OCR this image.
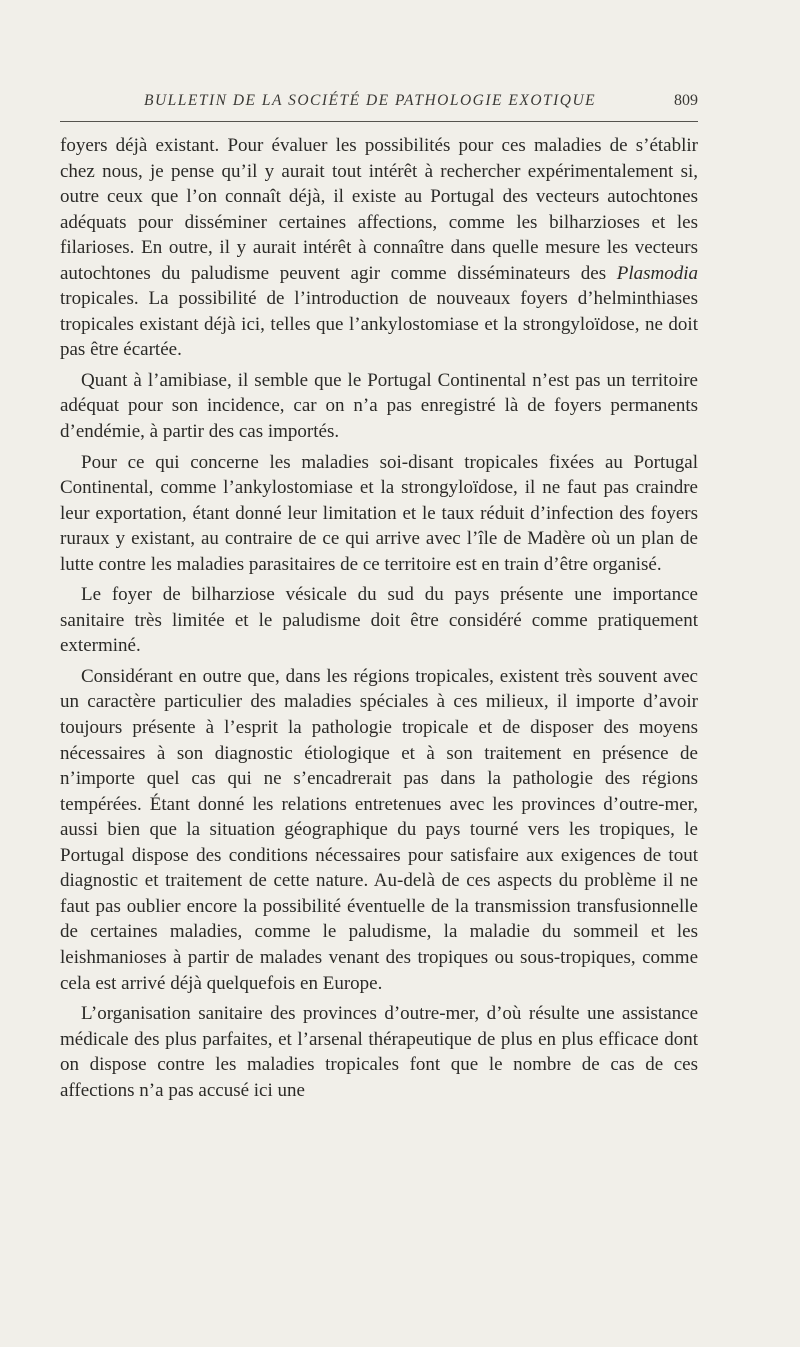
BULLETIN DE LA SOCIÉTÉ DE PATHOLOGIE EXOTIQUE	809

foyers déjà existant. Pour évaluer les possibilités pour ces maladies de s’établir chez nous, je pense qu’il y aurait tout intérêt à rechercher expérimentalement si, outre ceux que l’on connaît déjà, il existe au Portugal des vecteurs autochtones adéquats pour disséminer certaines affections, comme les bilharzioses et les filarioses. En outre, il y aurait intérêt à connaître dans quelle mesure les vecteurs autochtones du paludisme peuvent agir comme disséminateurs des Plasmodia tropicales. La possibilité de l’introduction de nouveaux foyers d’helminthiases tropicales existant déjà ici, telles que l’ankylostomiase et la strongyloïdose, ne doit pas être écartée.

Quant à l’amibiase, il semble que le Portugal Continental n’est pas un territoire adéquat pour son incidence, car on n’a pas enregistré là de foyers permanents d’endémie, à partir des cas importés.

Pour ce qui concerne les maladies soi-disant tropicales fixées au Portugal Continental, comme l’ankylostomiase et la strongyloïdose, il ne faut pas craindre leur exportation, étant donné leur limitation et le taux réduit d’infection des foyers ruraux y existant, au contraire de ce qui arrive avec l’île de Madère où un plan de lutte contre les maladies parasitaires de ce territoire est en train d’être organisé.

Le foyer de bilharziose vésicale du sud du pays présente une importance sanitaire très limitée et le paludisme doit être considéré comme pratiquement exterminé.

Considérant en outre que, dans les régions tropicales, existent très souvent avec un caractère particulier des maladies spéciales à ces milieux, il importe d’avoir toujours présente à l’esprit la pathologie tropicale et de disposer des moyens nécessaires à son diagnostic étiologique et à son traitement en présence de n’importe quel cas qui ne s’encadrerait pas dans la pathologie des régions tempérées. Étant donné les relations entretenues avec les provinces d’outre-mer, aussi bien que la situation géographique du pays tourné vers les tropiques, le Portugal dispose des conditions nécessaires pour satisfaire aux exigences de tout diagnostic et traitement de cette nature. Au-delà de ces aspects du problème il ne faut pas oublier encore la possibilité éventuelle de la transmission transfusionnelle de certaines maladies, comme le paludisme, la maladie du sommeil et les leishmanioses à partir de malades venant des tropiques ou sous-tropiques, comme cela est arrivé déjà quelquefois en Europe.

L’organisation sanitaire des provinces d’outre-mer, d’où résulte une assistance médicale des plus parfaites, et l’arsenal thérapeutique de plus en plus efficace dont on dispose contre les maladies tropicales font que le nombre de cas de ces affections n’a pas accusé ici une
